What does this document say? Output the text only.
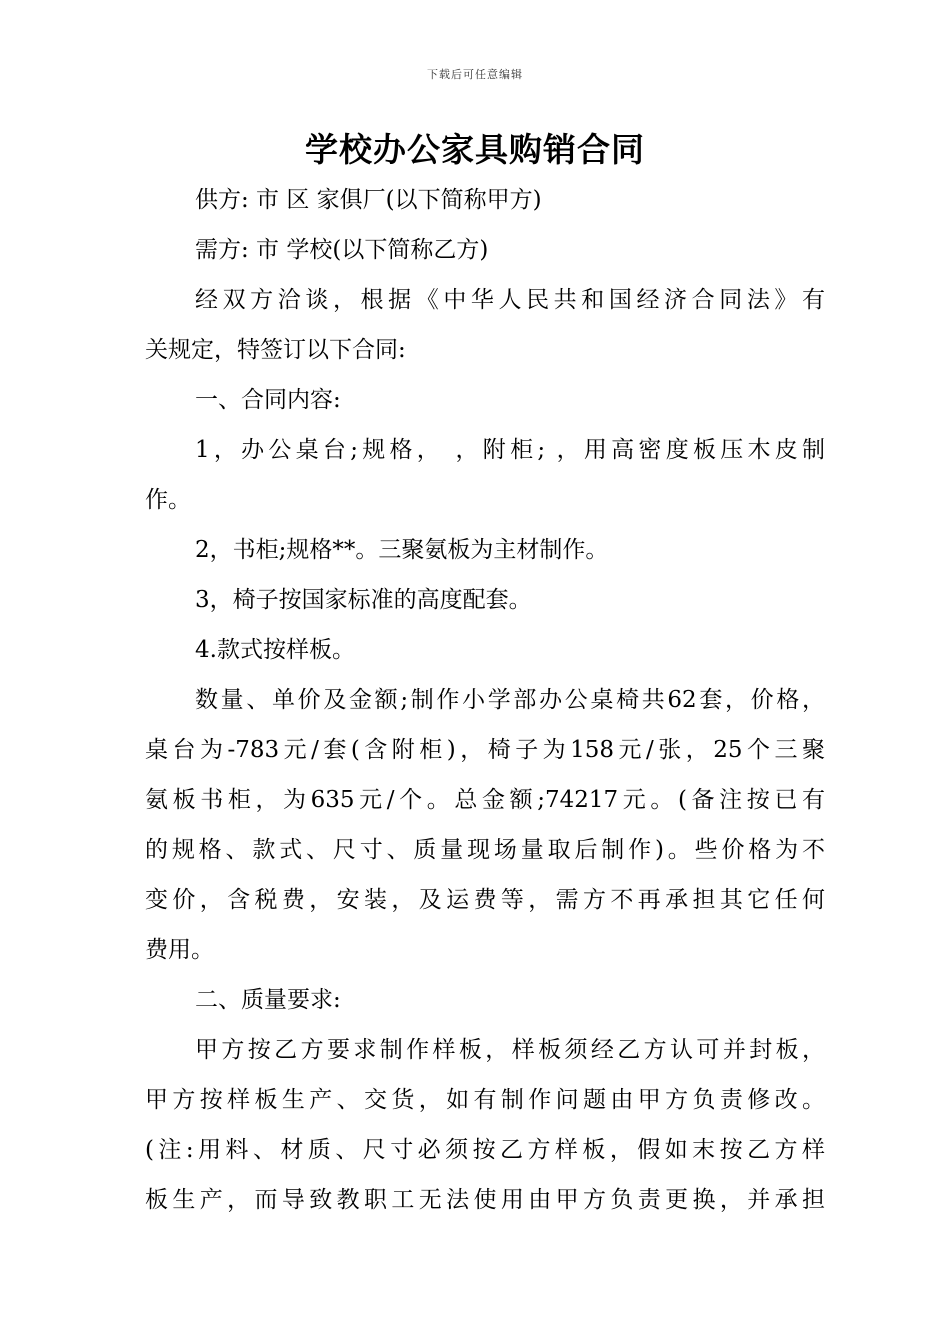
下载后可任意编辑
学校办公家具购销合同
供方: 市 区 家俱厂(以下简称甲方)
需方: 市 学校(以下简称乙方)
经双方洽谈，根据《中华人民共和国经济合同法》有
关规定，特签订以下合同:
一、合同内容:
1，办公桌台;规格， ，附柜; ，用高密度板压木皮制
作。
2，书柜;规格**。三聚氨板为主材制作。
3，椅子按国家标准的高度配套。
4.款式按样板。
数量、单价及金额;制作小学部办公桌椅共62套，价格，
桌台为-783元/套(含附柜)，椅子为158元/张，25个三聚
氨板书柜，为635元/个。总金额;74217元。(备注按已有
的规格、款式、尺寸、质量现场量取后制作)。些价格为不
变价，含税费，安装，及运费等，需方不再承担其它任何
费用。
二、质量要求:
甲方按乙方要求制作样板，样板须经乙方认可并封板，
甲方按样板生产、交货，如有制作问题由甲方负责修改。
(注:用料、材质、尺寸必须按乙方样板，假如末按乙方样
板生产，而导致教职工无法使用由甲方负责更换，并承担
